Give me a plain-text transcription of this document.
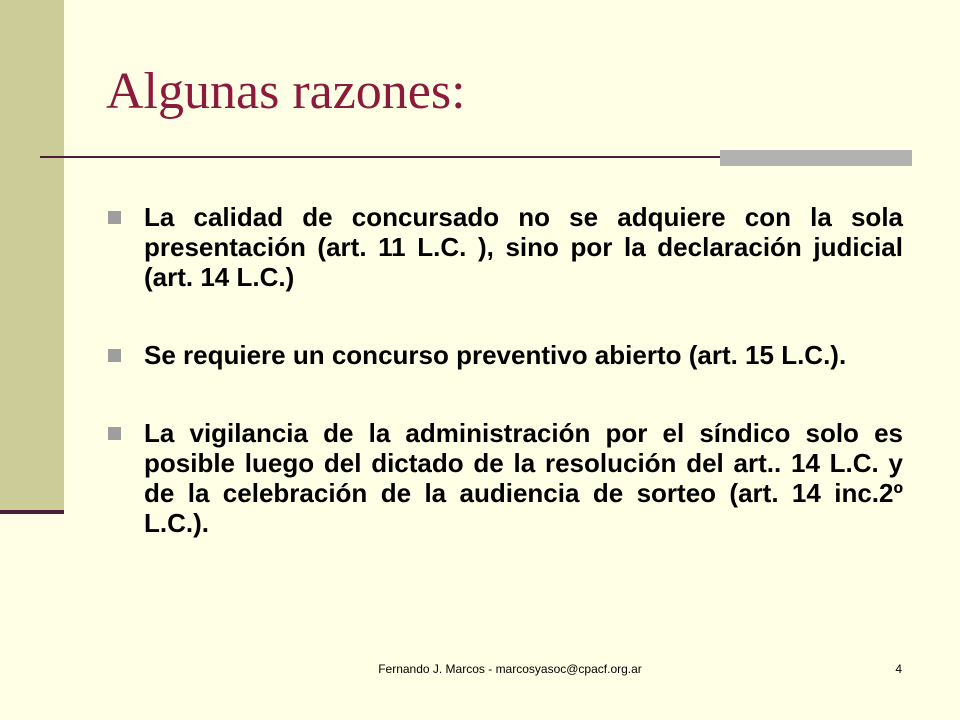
Algunas razones:
La calidad de concursado no se adquiere con la sola presentación (art. 11 L.C. ), sino por la declaración judicial (art. 14 L.C.)
Se requiere un concurso preventivo abierto (art. 15 L.C.).
La vigilancia de la administración por el síndico solo es posible luego del dictado de la resolución del art.. 14 L.C. y de la celebración de la audiencia de sorteo (art. 14 inc.2º L.C.).
Fernando J. Marcos - marcosyasoc@cpacf.org.ar	4
